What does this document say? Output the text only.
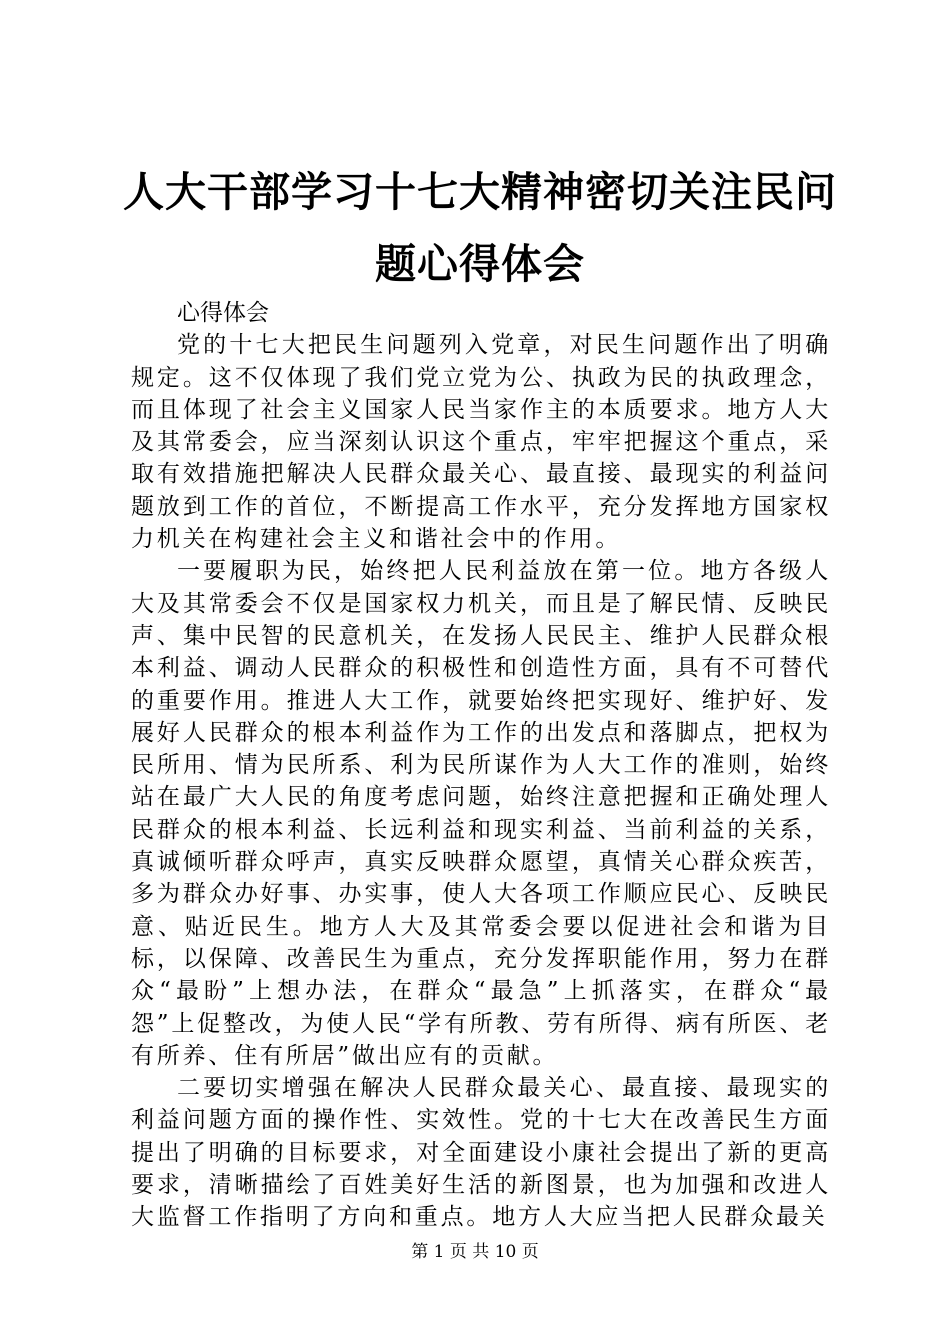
人大干部学习十七大精神密切关注民问题心得体会

心得体会

党的十七大把民生问题列入党章，对民生问题作出了明确规定。这不仅体现了我们党立党为公、执政为民的执政理念，而且体现了社会主义国家人民当家作主的本质要求。地方人大及其常委会，应当深刻认识这个重点，牢牢把握这个重点，采取有效措施把解决人民群众最关心、最直接、最现实的利益问题放到工作的首位，不断提高工作水平，充分发挥地方国家权力机关在构建社会主义和谐社会中的作用。

一要履职为民，始终把人民利益放在第一位。地方各级人大及其常委会不仅是国家权力机关，而且是了解民情、反映民声、集中民智的民意机关，在发扬人民民主、维护人民群众根本利益、调动人民群众的积极性和创造性方面，具有不可替代的重要作用。推进人大工作，就要始终把实现好、维护好、发展好人民群众的根本利益作为工作的出发点和落脚点，把权为民所用、情为民所系、利为民所谋作为人大工作的准则，始终站在最广大人民的角度考虑问题，始终注意把握和正确处理人民群众的根本利益、长远利益和现实利益、当前利益的关系，真诚倾听群众呼声，真实反映群众愿望，真情关心群众疾苦，多为群众办好事、办实事，使人大各项工作顺应民心、反映民意、贴近民生。地方人大及其常委会要以促进社会和谐为目标，以保障、改善民生为重点，充分发挥职能作用，努力在群众“最盼”上想办法，在群众“最急”上抓落实，在群众“最怨”上促整改，为使人民“学有所教、劳有所得、病有所医、老有所养、住有所居”做出应有的贡献。

二要切实增强在解决人民群众最关心、最直接、最现实的利益问题方面的操作性、实效性。党的十七大在改善民生方面提出了明确的目标要求，对全面建设小康社会提出了新的更高要求，清晰描绘了百姓美好生活的新图景，也为加强和改进人大监督工作指明了方向和重点。地方人大应当把人民群众最关

第 1 页 共 10 页
